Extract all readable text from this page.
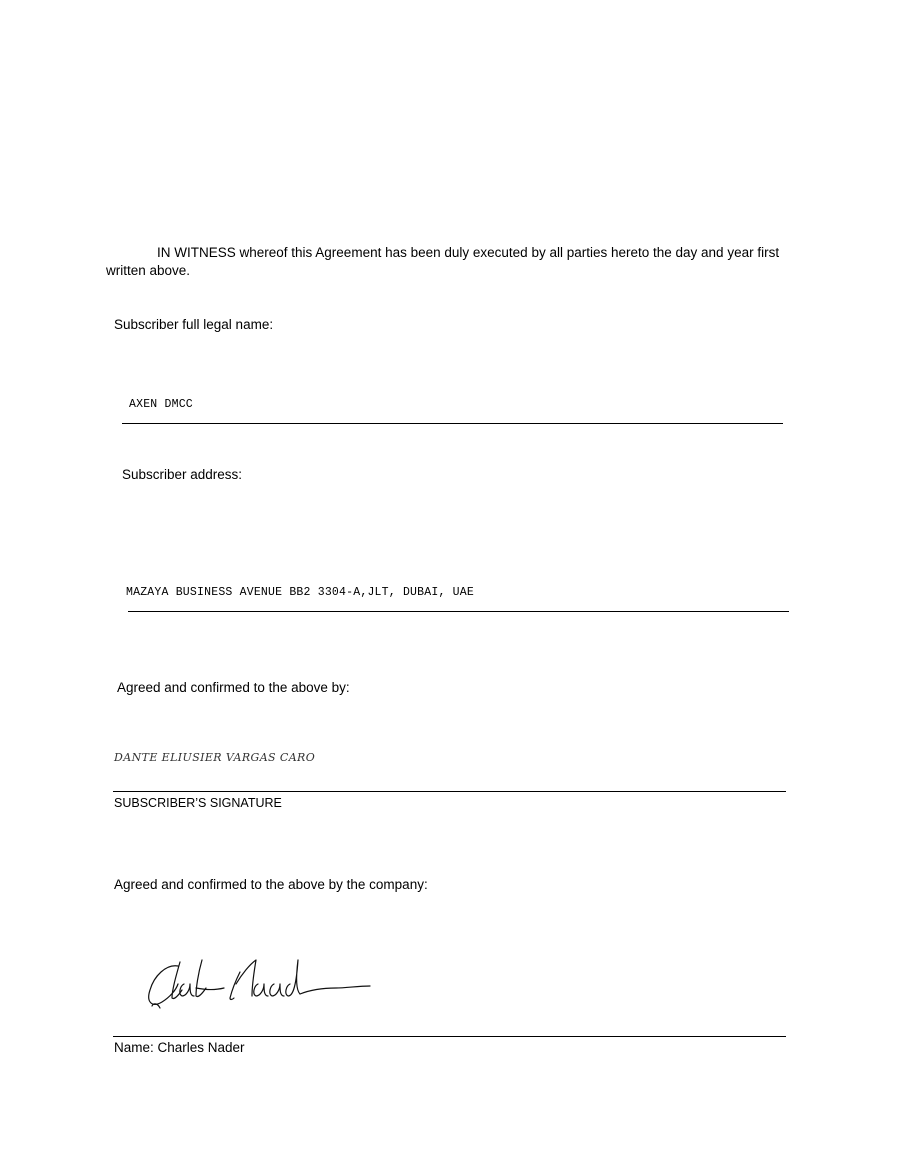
IN WITNESS whereof this Agreement has been duly executed by all parties hereto the day and year first
written above.
Subscriber full legal name:
AXEN DMCC
Subscriber address:
MAZAYA BUSINESS AVENUE BB2 3304-A,JLT, DUBAI, UAE
Agreed and confirmed to the above by:
DANTE ELIUSIER VARGAS CARO
SUBSCRIBER’S SIGNATURE
Agreed and confirmed to the above by the company:
Name: Charles Nader
